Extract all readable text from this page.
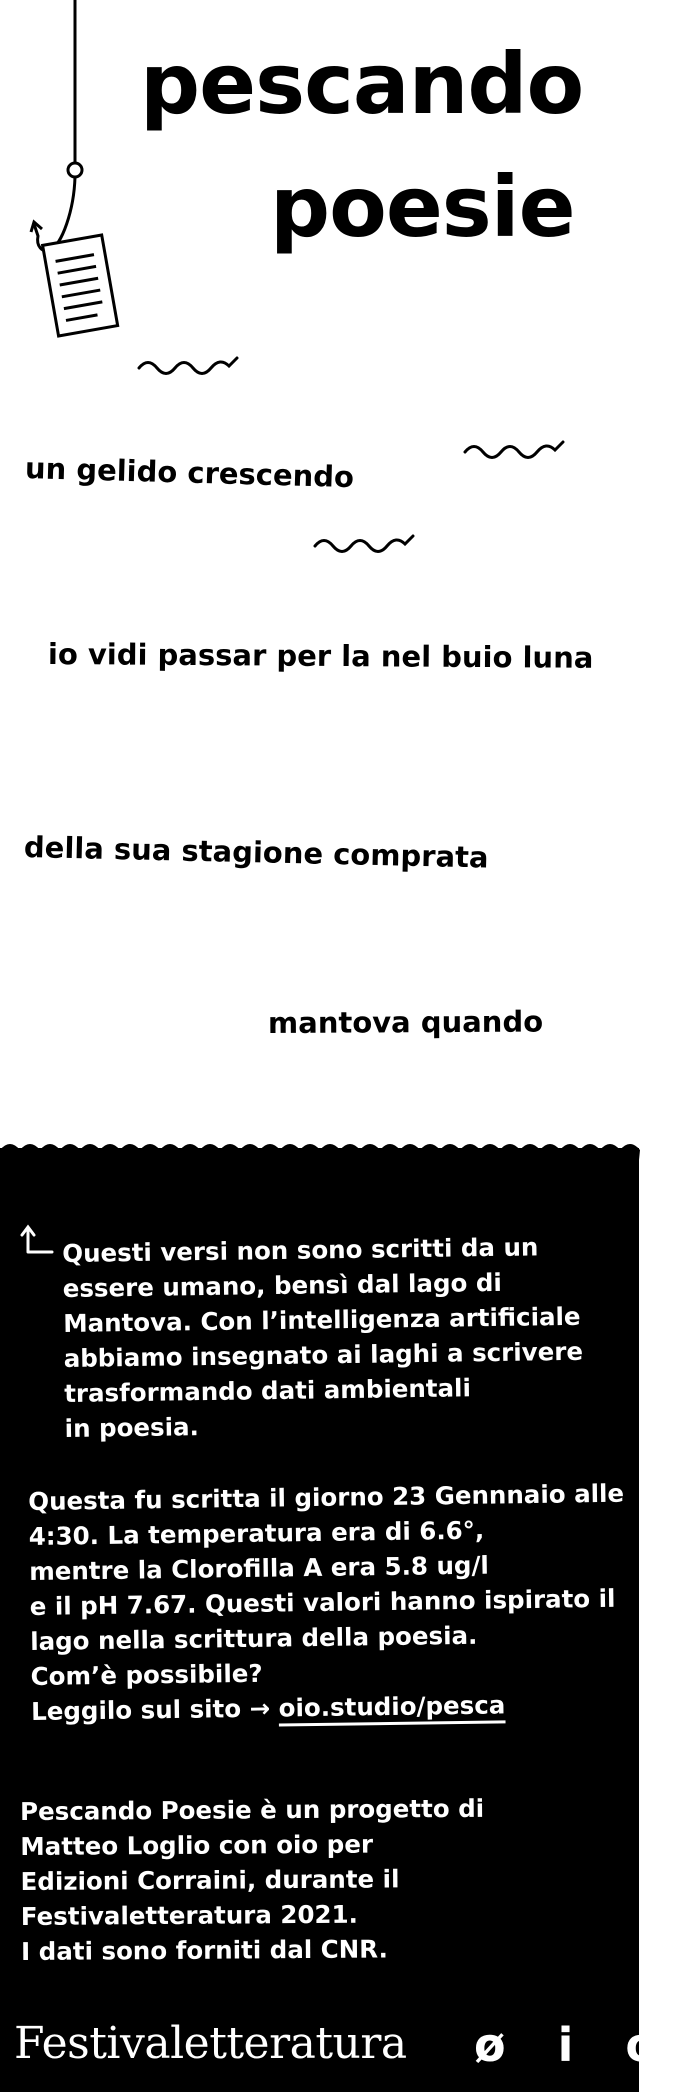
pescando
poesie

un gelido crescendo

io vidi passar per la nel buio luna

della sua stagione comprata

mantova quando

Questi versi non sono scritti da un
essere umano, bensì dal lago di
Mantova. Con l’intelligenza artificiale
abbiamo insegnato ai laghi a scrivere
trasformando dati ambientali
in poesia.
Questa fu scritta il giorno 23 Gennnaio alle
4:30. La temperatura era di 6.6°,
mentre la Clorofilla A era 5.8 ug/l
e il pH 7.67. Questi valori hanno ispirato il
lago nella scrittura della poesia.
Com’è possibile?
Leggilo sul sito → oio.studio/pesca
Pescando Poesie è un progetto di
Matteo Loglio con oio per
Edizioni Corraini, durante il
Festivaletteratura 2021.
I dati sono forniti dal CNR.
Festivaletteratura ø i o
